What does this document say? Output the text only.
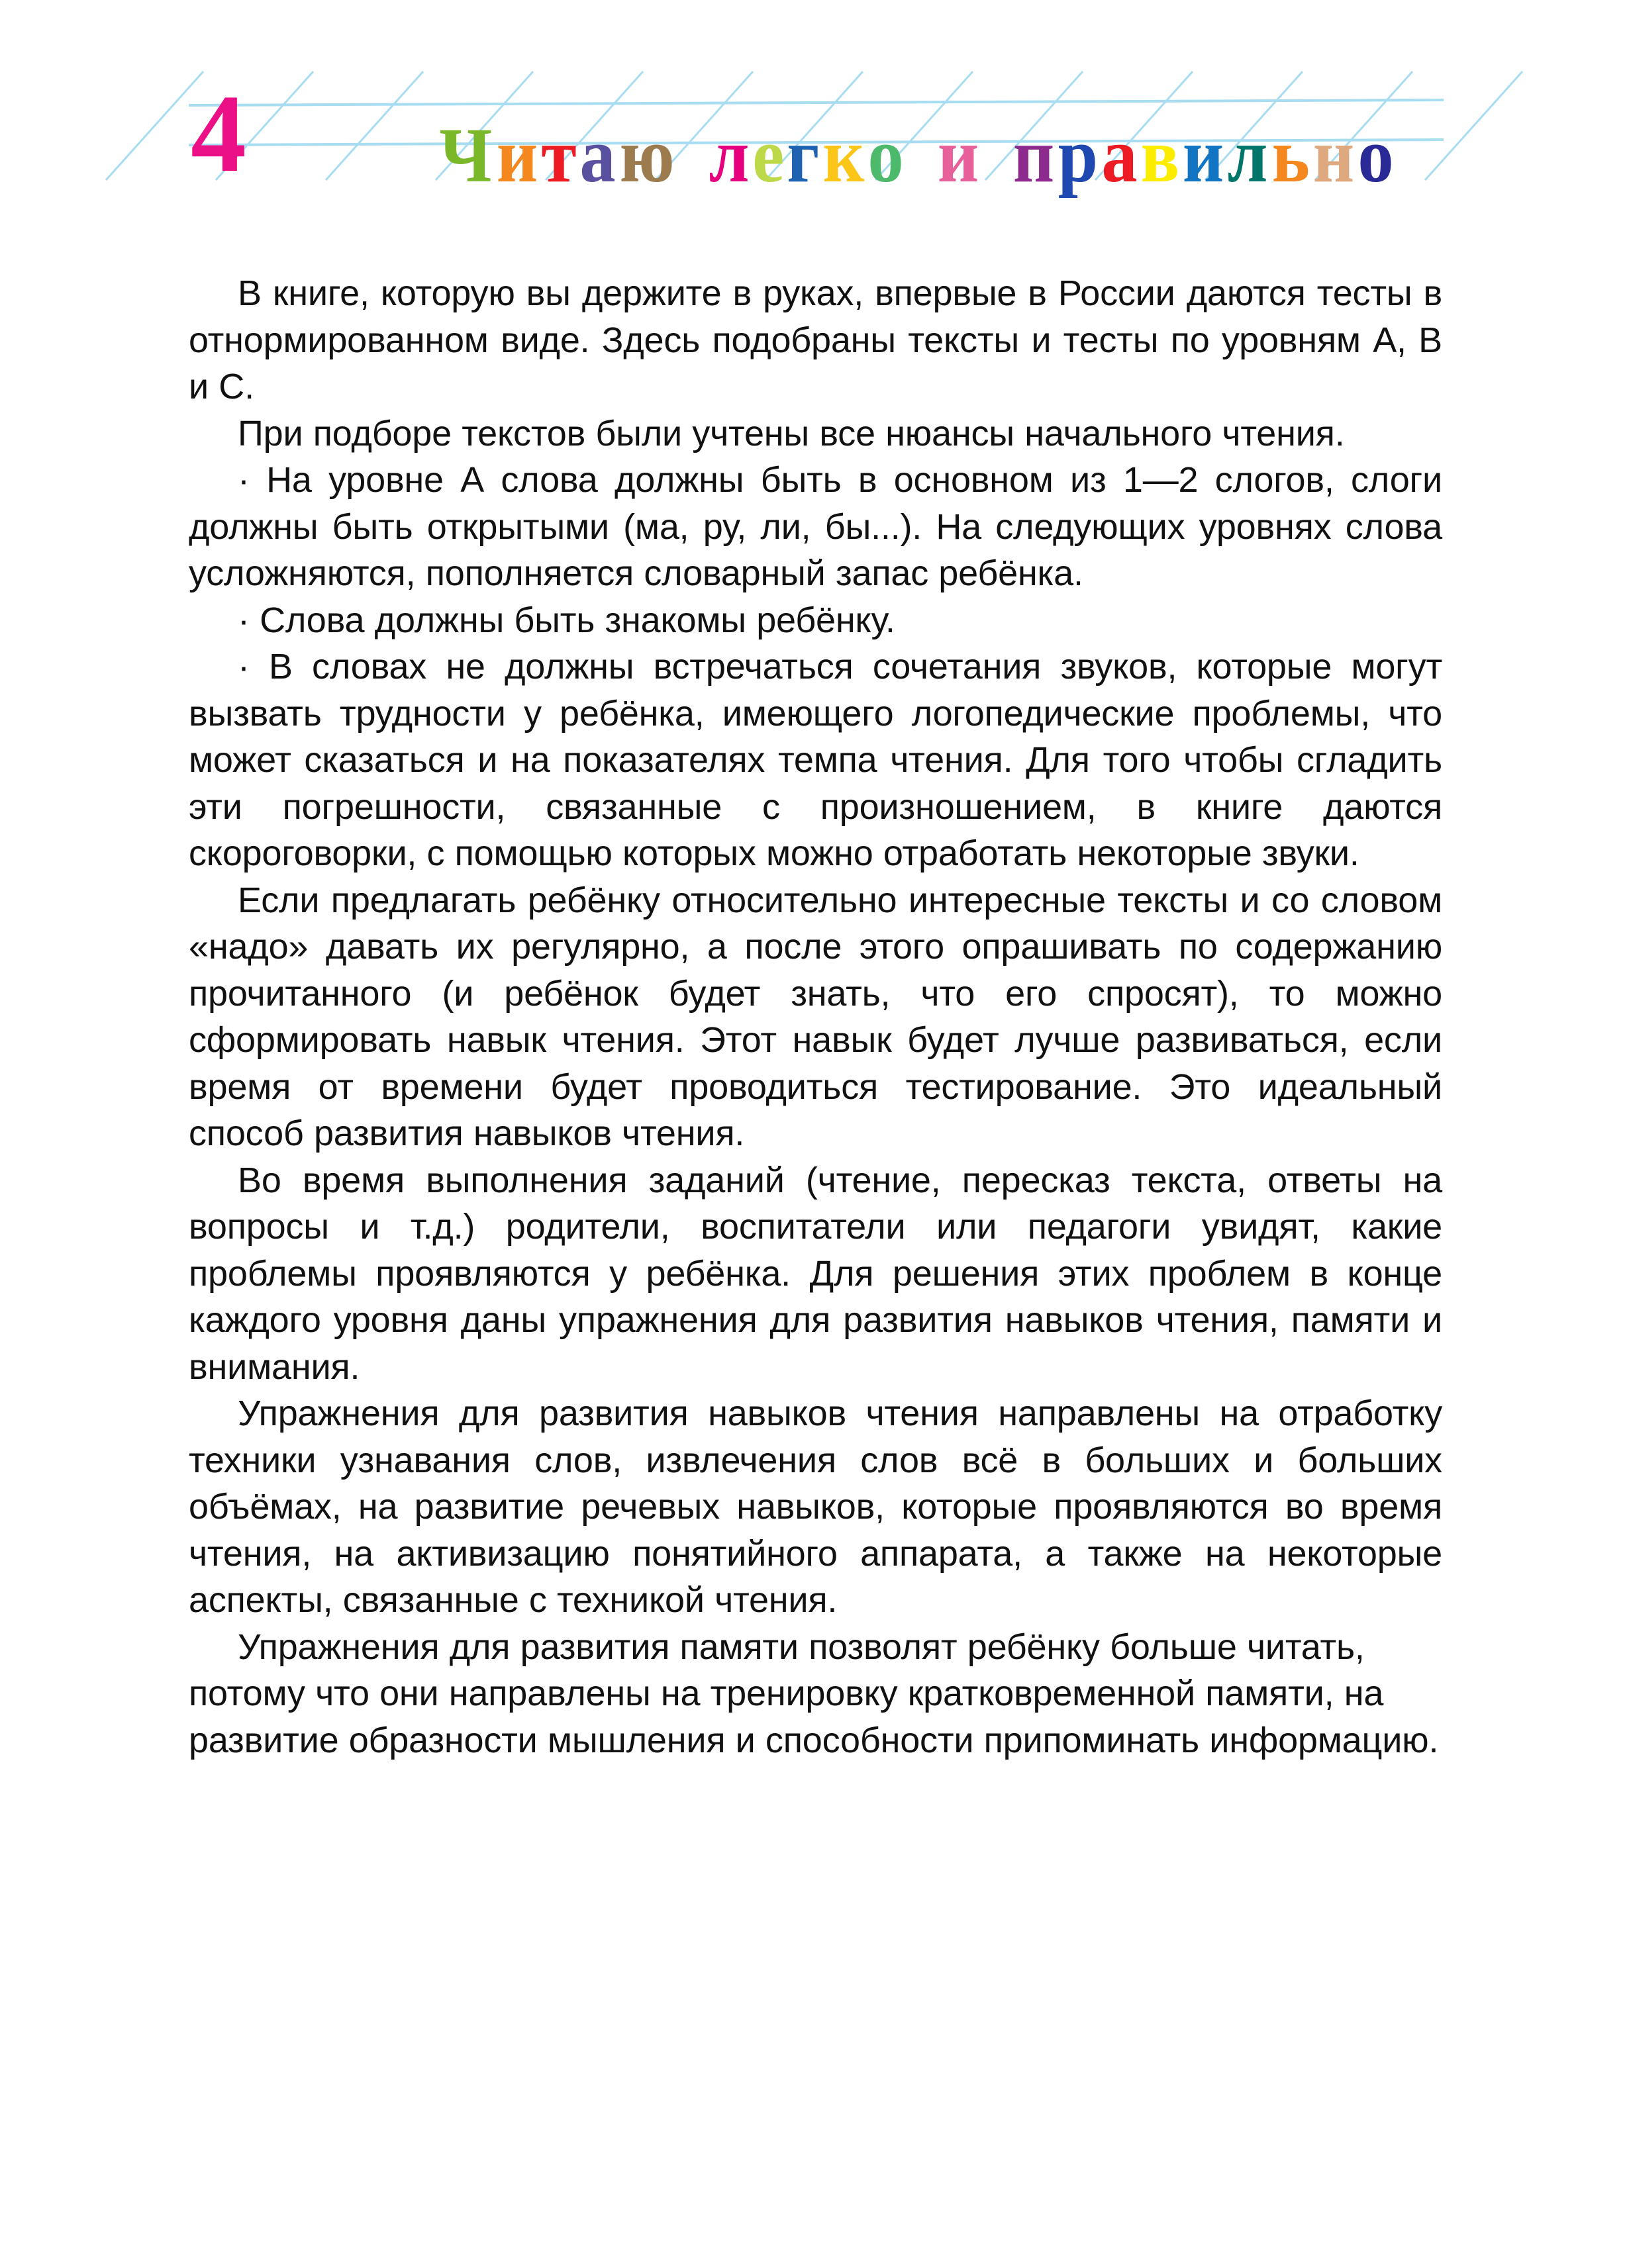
4 Читаю легко и правильно

В книге, которую вы держите в руках, впервые в России даются тесты в отнормированном виде. Здесь подобраны тексты и тесты по уровням А, В и С.

При подборе текстов были учтены все нюансы начального чтения.

· На уровне А слова должны быть в основном из 1—2 слогов, слоги должны быть открытыми (ма, ру, ли, бы...). На следующих уровнях слова усложняются, пополняется словарный запас ребёнка.

· Слова должны быть знакомы ребёнку.

· В словах не должны встречаться сочетания звуков, которые могут вызвать трудности у ребёнка, имеющего логопедические проблемы, что может сказаться и на показателях темпа чтения. Для того чтобы сгладить эти погрешности, связанные с произношением, в книге даются скороговорки, с помощью которых можно отработать некоторые звуки.

Если предлагать ребёнку относительно интересные тексты и со словом «надо» давать их регулярно, а после этого опрашивать по содержанию прочитанного (и ребёнок будет знать, что его спросят), то можно сформировать навык чтения. Этот навык будет лучше развиваться, если время от времени будет проводиться тестирование. Это идеальный способ развития навыков чтения.

Во время выполнения заданий (чтение, пересказ текста, ответы на вопросы и т.д.) родители, воспитатели или педагоги увидят, какие проблемы проявляются у ребёнка. Для решения этих проблем в конце каждого уровня даны упражнения для развития навыков чтения, памяти и внимания.

Упражнения для развития навыков чтения направлены на отработку техники узнавания слов, извлечения слов всё в больших и больших объёмах, на развитие речевых навыков, которые проявляются во время чтения, на активизацию понятийного аппарата, а также на некоторые аспекты, связанные с техникой чтения.

Упражнения для развития памяти позволят ребёнку больше читать, потому что они направлены на тренировку кратковременной памяти, на развитие образности мышления и способности припоминать информацию.
